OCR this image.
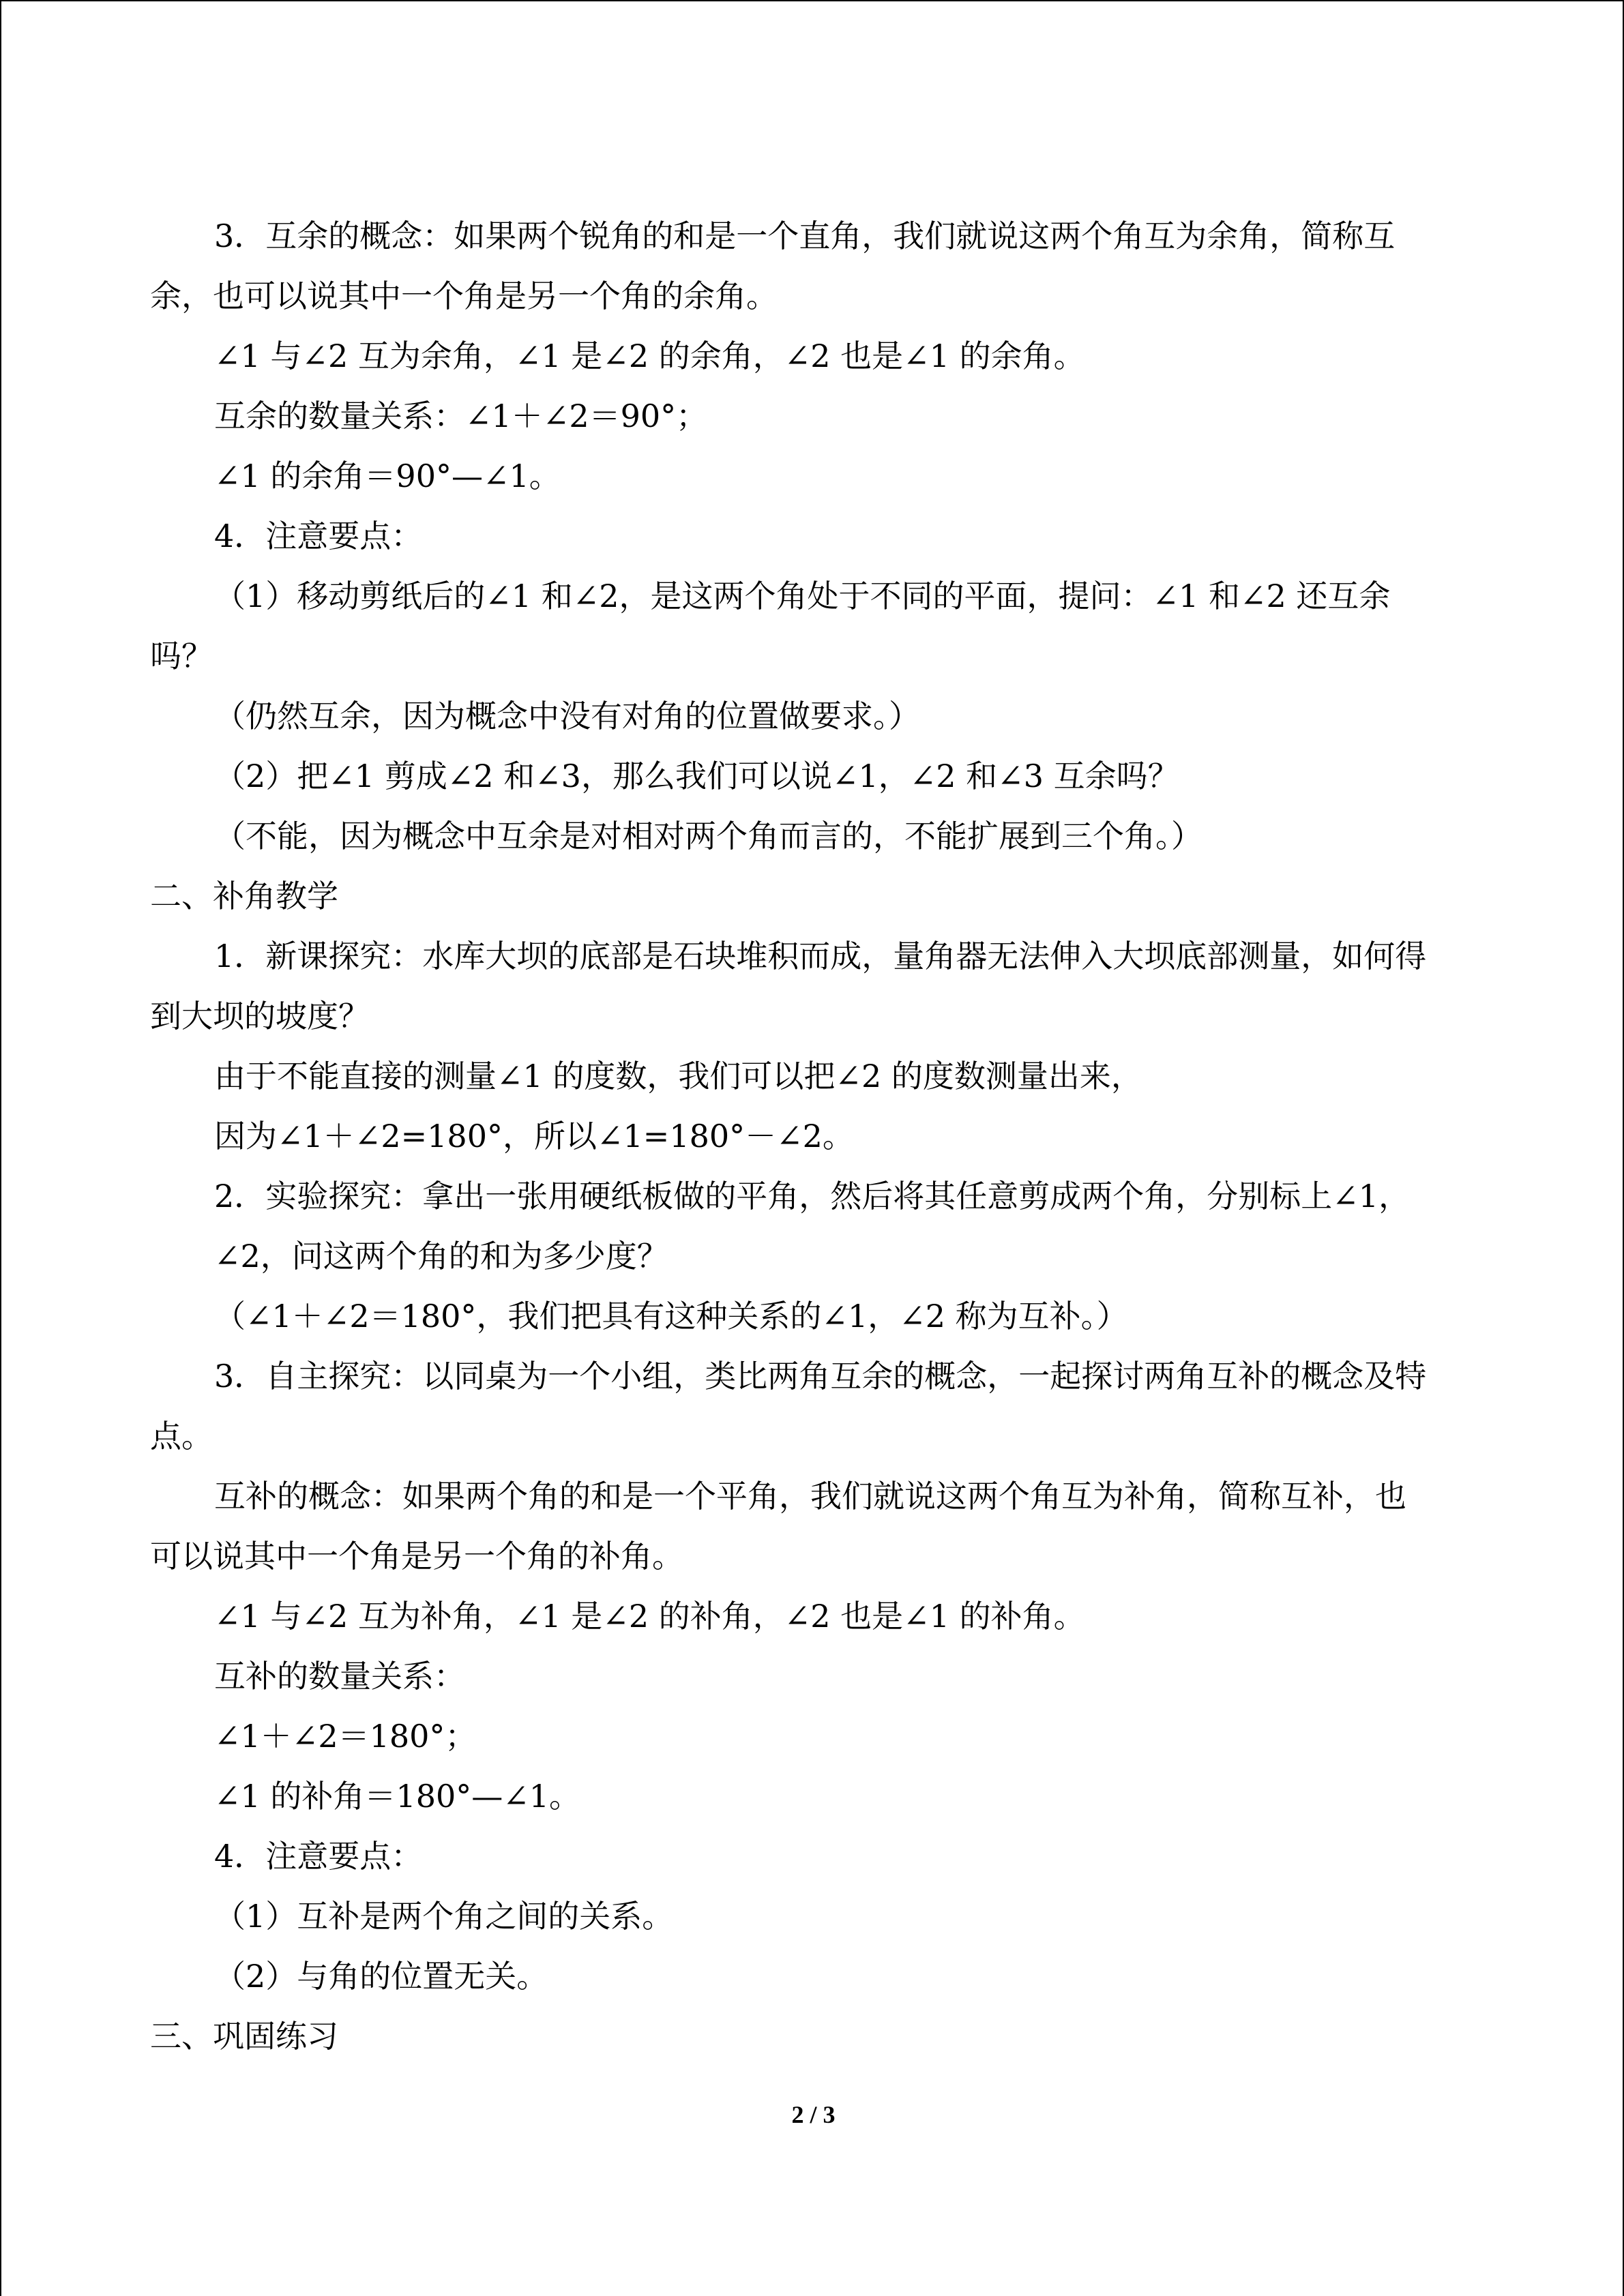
3．互余的概念：如果两个锐角的和是一个直角，我们就说这两个角互为余角，简称互

余，也可以说其中一个角是另一个角的余角。

∠1 与∠2 互为余角，∠1 是∠2 的余角，∠2 也是∠1 的余角。

互余的数量关系：∠1＋∠2＝90°；

∠1 的余角＝90°—∠1。

4．注意要点：

（1）移动剪纸后的∠1 和∠2，是这两个角处于不同的平面，提问：∠1 和∠2 还互余

吗？

（仍然互余，因为概念中没有对角的位置做要求。）

（2）把∠1 剪成∠2 和∠3，那么我们可以说∠1，∠2 和∠3 互余吗？

（不能，因为概念中互余是对相对两个角而言的，不能扩展到三个角。）

二、补角教学

1．新课探究：水库大坝的底部是石块堆积而成，量角器无法伸入大坝底部测量，如何得

到大坝的坡度？

由于不能直接的测量∠1 的度数，我们可以把∠2 的度数测量出来，

因为∠1＋∠2=180°，所以∠1=180°－∠2。

2．实验探究：拿出一张用硬纸板做的平角，然后将其任意剪成两个角，分别标上∠1，

∠2，问这两个角的和为多少度？

（∠1＋∠2＝180°，我们把具有这种关系的∠1，∠2 称为互补。）

3．自主探究：以同桌为一个小组，类比两角互余的概念，一起探讨两角互补的概念及特

点。

互补的概念：如果两个角的和是一个平角，我们就说这两个角互为补角，简称互补，也

可以说其中一个角是另一个角的补角。

∠1 与∠2 互为补角，∠1 是∠2 的补角，∠2 也是∠1 的补角。

互补的数量关系：

∠1＋∠2＝180°；

∠1 的补角＝180°—∠1。

4．注意要点：

（1）互补是两个角之间的关系。

（2）与角的位置无关。

三、巩固练习

2 / 3
